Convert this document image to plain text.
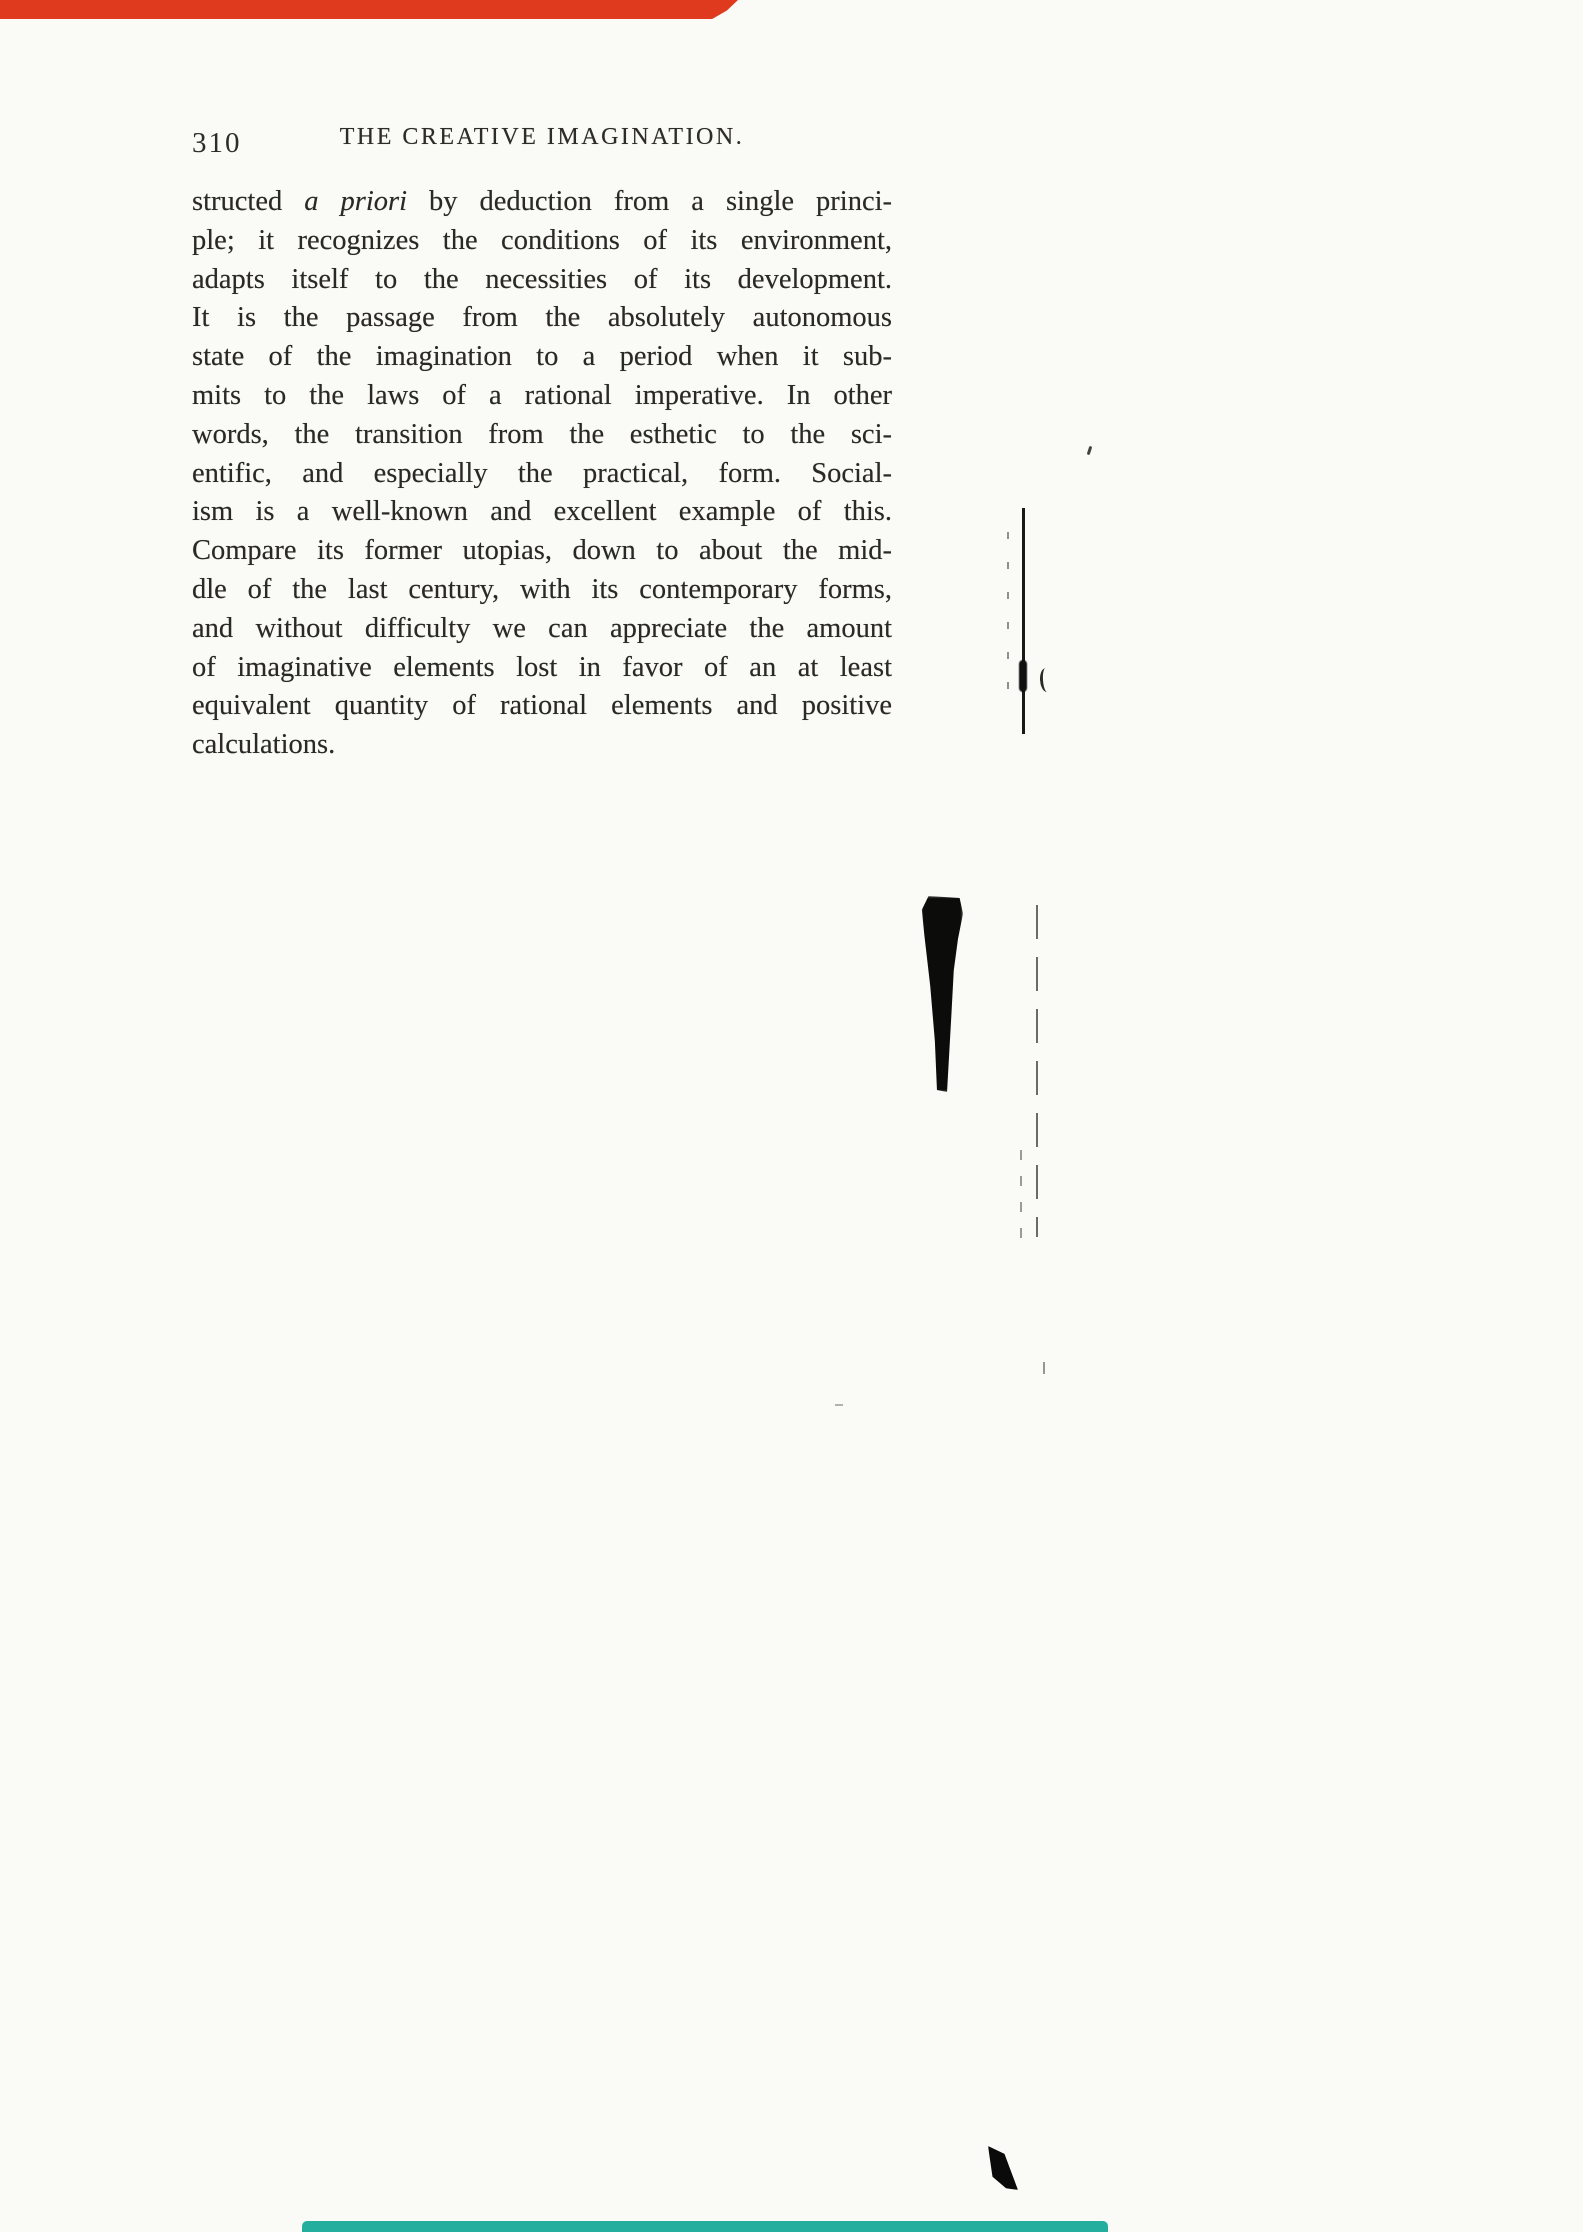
310	THE CREATIVE IMAGINATION.
structed a priori by deduction from a single princi-
ple; it recognizes the conditions of its environment,
adapts itself to the necessities of its development.
It is the passage from the absolutely autonomous
state of the imagination to a period when it sub-
mits to the laws of a rational imperative. In other
words, the transition from the esthetic to the sci-
entific, and especially the practical, form. Social-
ism is a well-known and excellent example of this.
Compare its former utopias, down to about the mid-
dle of the last century, with its contemporary forms,
and without difficulty we can appreciate the amount
of imaginative elements lost in favor of an at least
equivalent quantity of rational elements and positive
calculations.
